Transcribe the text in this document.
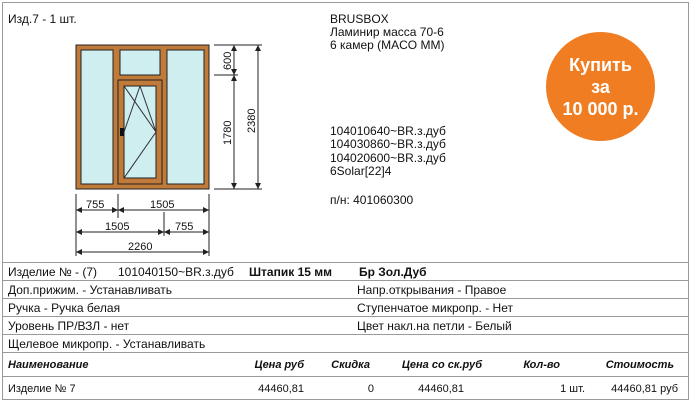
Изд.7 - 1 шт.	BRUSBOX
Ламинир масса 70-6
6 камер (MACO MM)
104010640~BR.з.дуб
104030860~BR.з.дуб
104020600~BR.з.дуб
6Solar[22]4
п/н: 401060300
Купить
за
10 000 р.
600
1780 2380
755	1505
1505	755
2260
Изделие № - (7) 101040150~BR.з.дуб Штапик 15 мм Бр Зол.Дуб
Доп.прижим. - Устанавливать	Напр.открывания - Правое
Ручка - Ручка белая	Ступенчатое микропр. - Нет
Уровень ПР/ВЗЛ - нет	Цвет накл.на петли - Белый
Щелевое микропр. - Устанавливать
Наименование	Цена руб	Скидка	Цена со ск.руб	Кол-во	Стоимость
Изделие № 7	44460,81	0	44460,81	1 шт.	44460,81 руб
